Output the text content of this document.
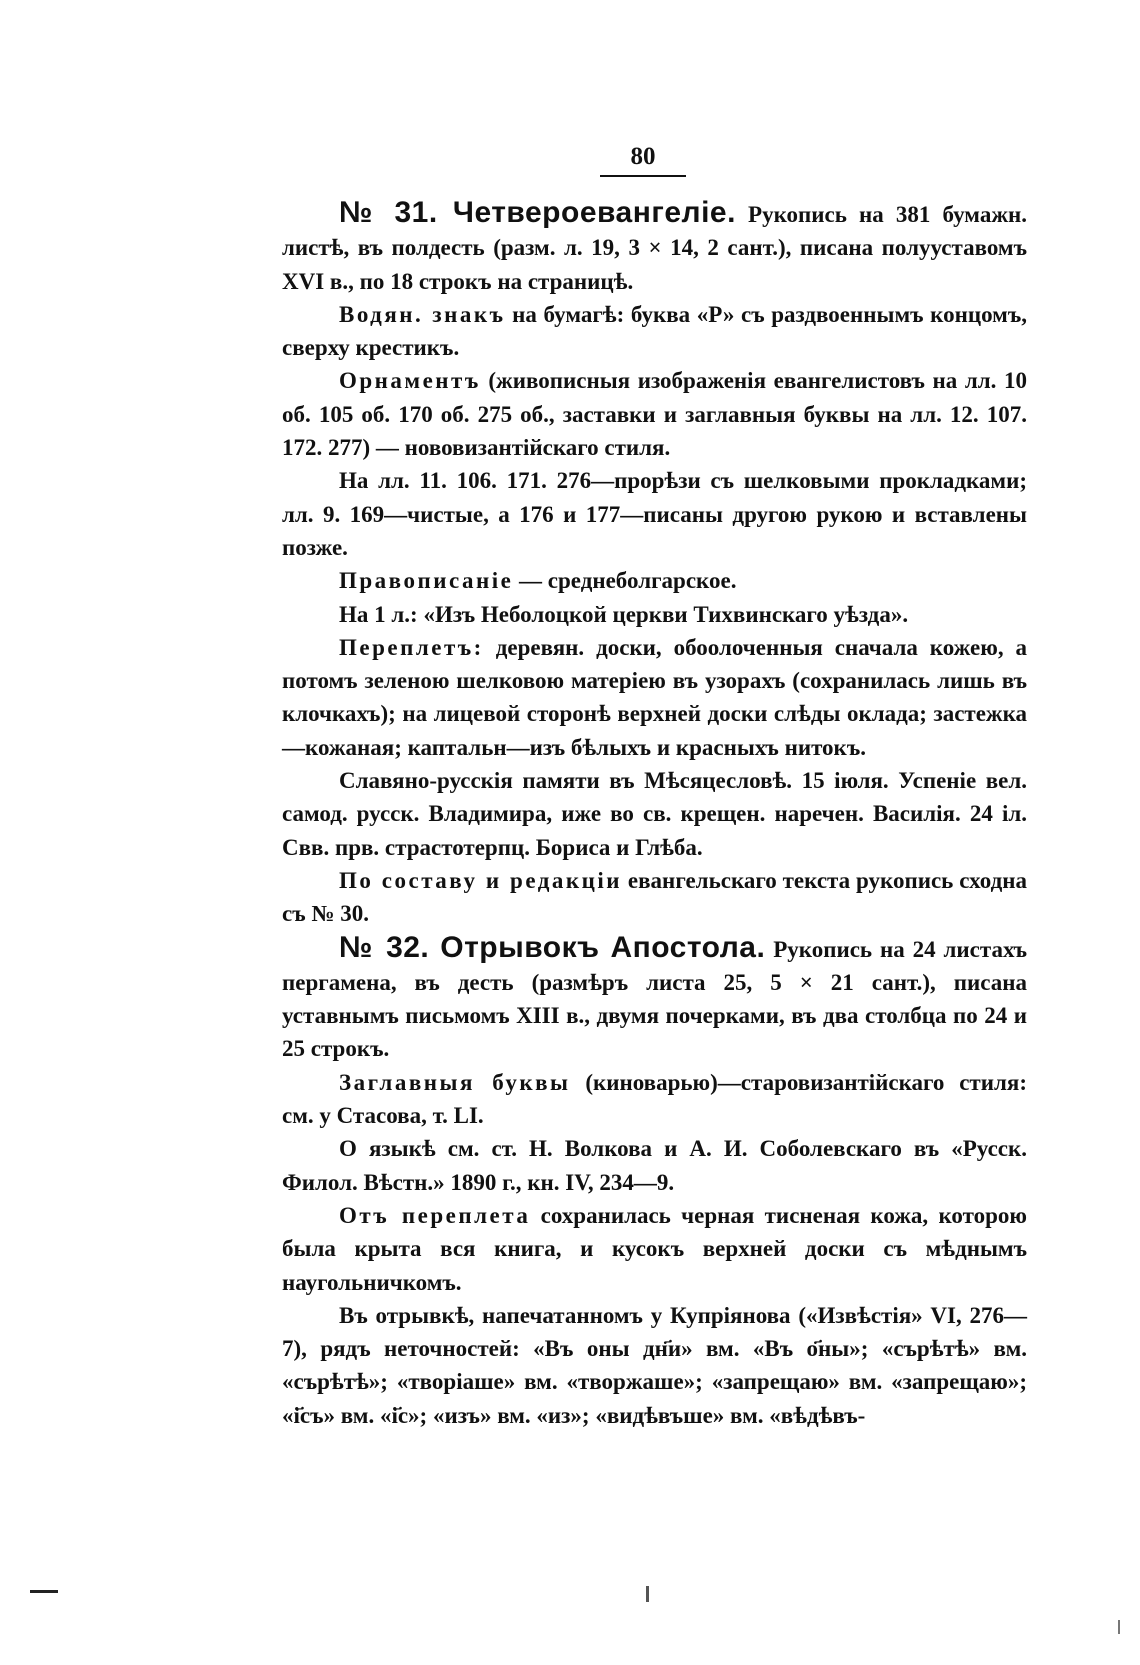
80

№ 31. Четвероевангеліе. Рукопись на 381 бумажн. листѣ, въ полдесть (разм. л. 19, 3 × 14, 2 сант.), писана полууставомъ XVI в., по 18 строкъ на страницѣ.

Водян. знакъ на бумагѣ: буква «Р» съ раздвоеннымъ концомъ, сверху крестикъ.

Орнаментъ (живописныя изображенія евангелистовъ на лл. 10 об. 105 об. 170 об. 275 об., заставки и заглавныя буквы на лл. 12. 107. 172. 277) — нововизантійскаго стиля.

На лл. 11. 106. 171. 276—прорѣзи съ шелковыми прокладками; лл. 9. 169—чистые, а 176 и 177—писаны другою рукою и вставлены позже.

Правописаніе — среднеболгарское.

На 1 л.: «Изъ Неболоцкой церкви Тихвинскаго уѣзда».

Переплетъ: деревян. доски, обоолоченныя сначала кожею, а потомъ зеленою шелковою матеріею въ узорахъ (сохранилась лишь въ клочкахъ); на лицевой сторонѣ верхней доски слѣды оклада; застежка—кожаная; каптальн—изъ бѣлыхъ и красныхъ нитокъ.

Славяно-русскія памяти въ Мѣсяцесловѣ. 15 іюля. Успеніе вел. самод. русск. Владимира, иже во св. крещен. наречен. Василія. 24 іл. Свв. прв. страстотерпц. Бориса и Глѣба.

По составу и редакціи евангельскаго текста рукопись сходна съ № 30.

№ 32. Отрывокъ Апостола. Рукопись на 24 листахъ пергамена, въ десть (размѣръ листа 25, 5 × 21 сант.), писана уставнымъ письмомъ XIII в., двумя почерками, въ два столбца по 24 и 25 строкъ.

Заглавныя буквы (киноварью)—старовизантійскаго стиля: см. у Стасова, т. LI.

О языкѣ см. ст. Н. Волкова и А. И. Соболевскаго въ «Русск. Филол. Вѣстн.» 1890 г., кн. IV, 234—9.

Отъ переплета сохранилась черная тисненая кожа, которою была крыта вся книга, и кусокъ верхней доски съ мѣднымъ наугольничкомъ.

Въ отрывкѣ, напечатанномъ у Купріянова («Извѣстія» VI, 276—7), рядъ неточностей: «Въ оны дн҃и» вм. «Въ о҃ны»; «сърѣтѣ» вм. «сърѣтѣ»; «творіаше» вм. «творжаше»; «запрещаю» вм. «запрещаю»; «і҃съ» вм. «і҃с»; «изъ» вм. «из»; «видѣвъше» вм. «вѣдѣвъ-
